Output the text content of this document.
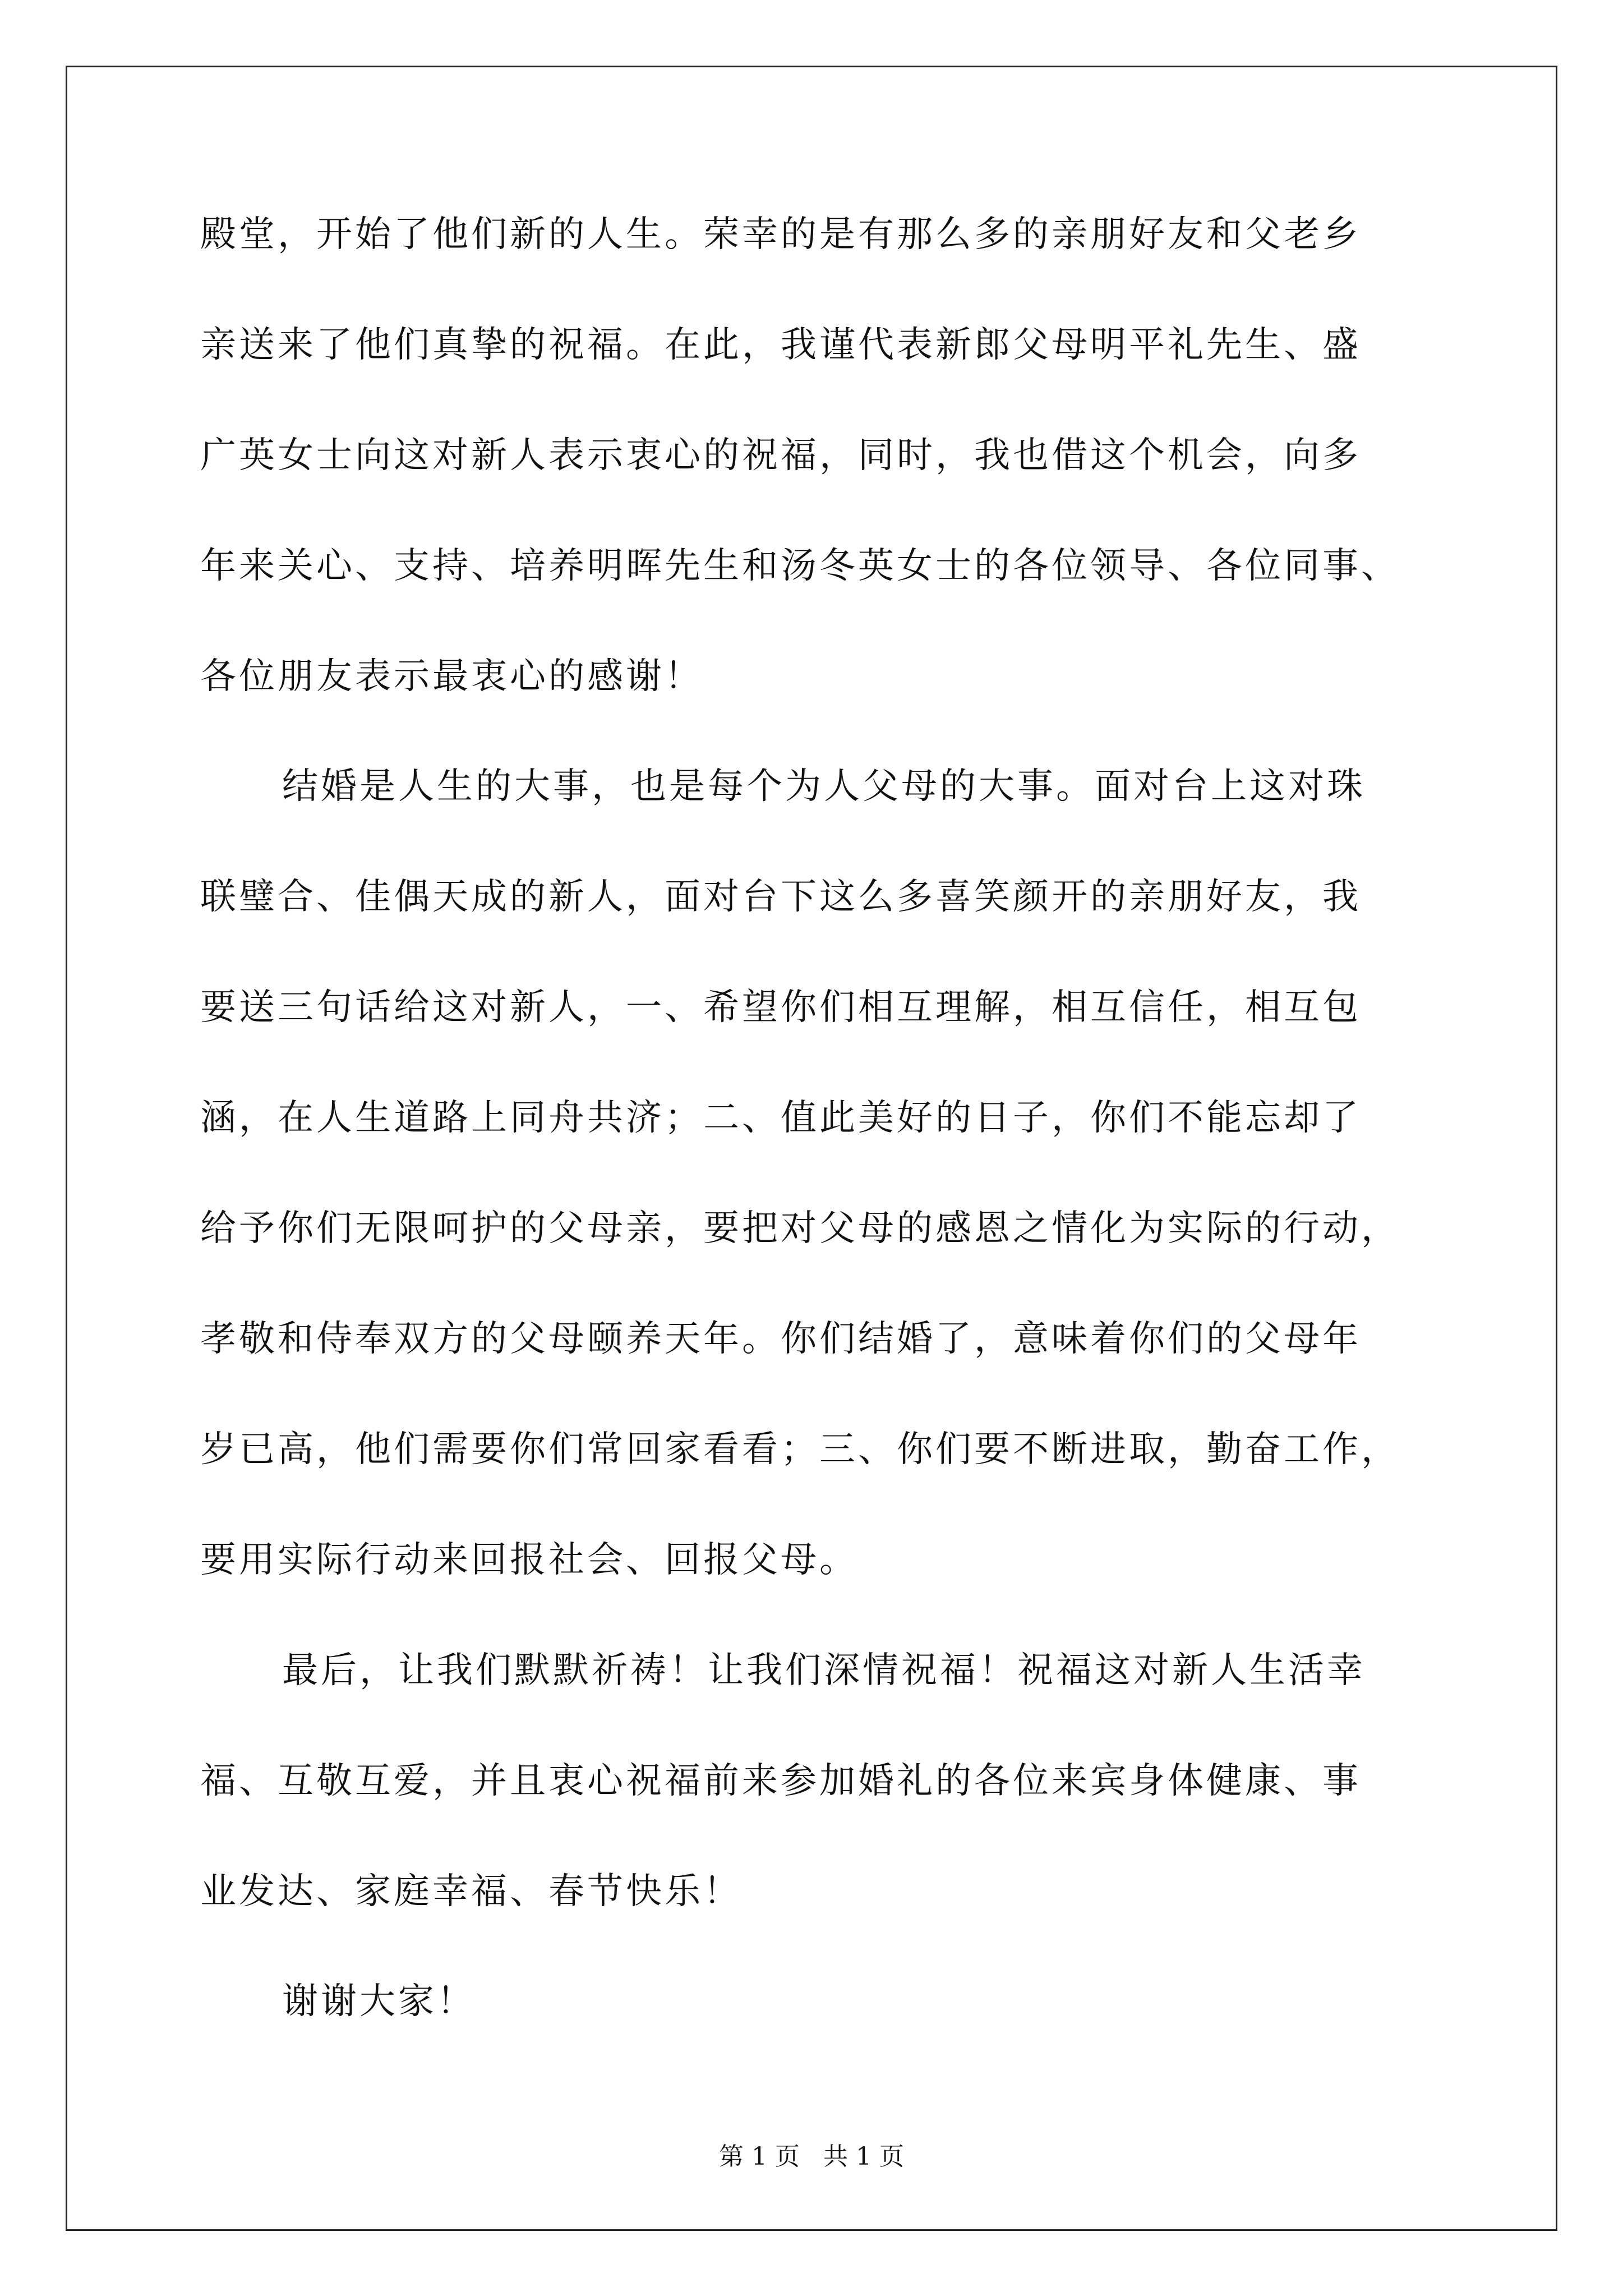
殿堂，开始了他们新的人生。荣幸的是有那么多的亲朋好友和父老乡
亲送来了他们真挚的祝福。在此，我谨代表新郎父母明平礼先生、盛
广英女士向这对新人表示衷心的祝福，同时，我也借这个机会，向多
年来关心、支持、培养明晖先生和汤冬英女士的各位领导、各位同事、
各位朋友表示最衷心的感谢！
结婚是人生的大事，也是每个为人父母的大事。面对台上这对珠
联璧合、佳偶天成的新人，面对台下这么多喜笑颜开的亲朋好友，我
要送三句话给这对新人，一、希望你们相互理解，相互信任，相互包
涵，在人生道路上同舟共济；二、值此美好的日子，你们不能忘却了
给予你们无限呵护的父母亲，要把对父母的感恩之情化为实际的行动，
孝敬和侍奉双方的父母颐养天年。你们结婚了，意味着你们的父母年
岁已高，他们需要你们常回家看看；三、你们要不断进取，勤奋工作，
要用实际行动来回报社会、回报父母。
最后，让我们默默祈祷！让我们深情祝福！祝福这对新人生活幸
福、互敬互爱，并且衷心祝福前来参加婚礼的各位来宾身体健康、事
业发达、家庭幸福、春节快乐！
谢谢大家！
第 1 页   共 1 页
